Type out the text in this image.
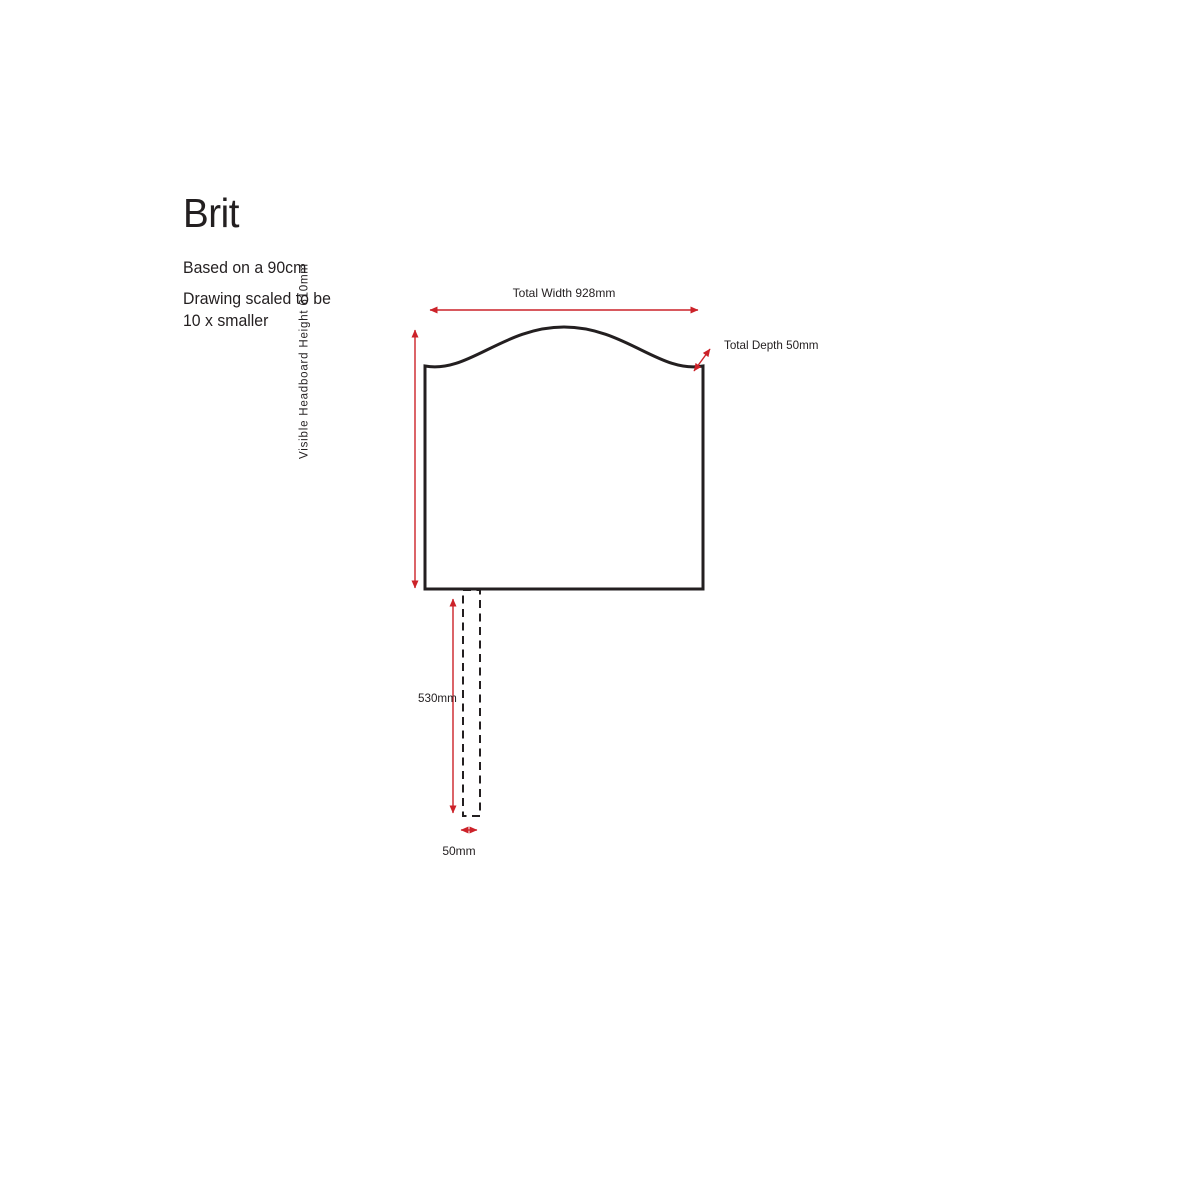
Brit
Based on a 90cm
Drawing scaled to be
10 x smaller
Total Width 928mm
Total Depth 50mm
Visible Headboard Height 610mm
530mm
50mm
